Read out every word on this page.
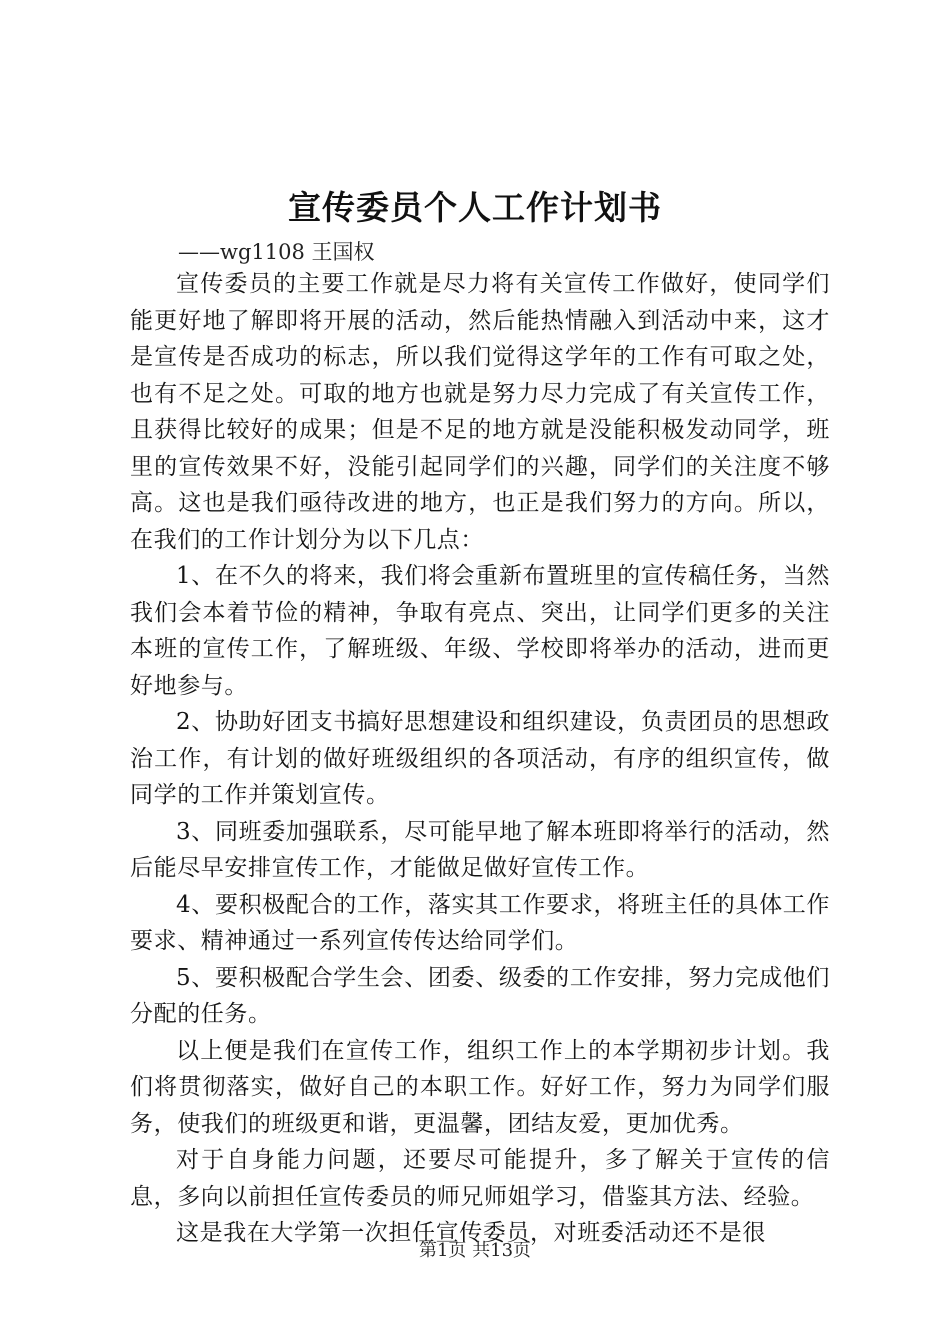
宣传委员个人工作计划书
——wg1108 王国权

宣传委员的主要工作就是尽力将有关宣传工作做好，使同学们能更好地了解即将开展的活动，然后能热情融入到活动中来，这才是宣传是否成功的标志，所以我们觉得这学年的工作有可取之处，也有不足之处。可取的地方也就是努力尽力完成了有关宣传工作，且获得比较好的成果；但是不足的地方就是没能积极发动同学，班里的宣传效果不好，没能引起同学们的兴趣，同学们的关注度不够高。这也是我们亟待改进的地方，也正是我们努力的方向。所以，在我们的工作计划分为以下几点：

1、在不久的将来，我们将会重新布置班里的宣传稿任务，当然我们会本着节俭的精神，争取有亮点、突出，让同学们更多的关注本班的宣传工作，了解班级、年级、学校即将举办的活动，进而更好地参与。

2、协助好团支书搞好思想建设和组织建设，负责团员的思想政治工作，有计划的做好班级组织的各项活动，有序的组织宣传，做同学的工作并策划宣传。

3、同班委加强联系，尽可能早地了解本班即将举行的活动，然后能尽早安排宣传工作，才能做足做好宣传工作。

4、要积极配合的工作，落实其工作要求，将班主任的具体工作要求、精神通过一系列宣传传达给同学们。

5、要积极配合学生会、团委、级委的工作安排，努力完成他们分配的任务。

以上便是我们在宣传工作，组织工作上的本学期初步计划。我们将贯彻落实，做好自己的本职工作。好好工作，努力为同学们服务，使我们的班级更和谐，更温馨，团结友爱，更加优秀。

对于自身能力问题，还要尽可能提升，多了解关于宣传的信息，多向以前担任宣传委员的师兄师姐学习，借鉴其方法、经验。

这是我在大学第一次担任宣传委员，对班委活动还不是很

第1页 共13页
